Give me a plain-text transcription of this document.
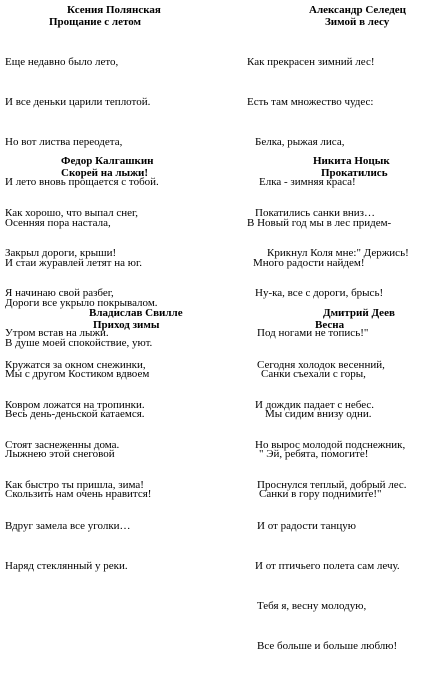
Ксения Полянская
Прощание с летом

Еще недавно было лето,

И все деньки царили теплотой.

Но вот листва переодета,

И лето вновь прощается с тобой.

Осенняя пора настала,

И стаи журавлей летят на юг.

Дороги все укрыло покрывалом.

В душе моей спокойствие, уют.

Александр Селедец
Зимой в лесу

Как прекрасен зимний лес!

Есть там множество чудес:

Белка, рыжая лиса,

Елка - зимняя краса!

В Новый год мы в лес придем-

Много радости найдем!

Федор Калгашкин
Скорей на лыжи!

Как хорошо, что выпал снег,

Закрыл дороги, крыши!

Я начинаю свой разбег,

Утром встав на лыжи.

Мы с другом Костиком вдвоем

Весь день-деньской катаемся.

Лыжнею этой снеговой

Скользить нам очень нравится!

Никита Ноцык
Прокатились

Покатились санки вниз…

Крикнул Коля мне:" Держись!

Ну-ка, все с дороги, брысь!

Под ногами не топись!"

Санки съехали с горы,

Мы сидим внизу одни.

" Эй, ребята, помогите!

Санки в гору поднимите!"

Владислав Свилле
Приход зимы

Кружатся за окном снежинки,

Ковром ложатся на тропинки.

Стоят заснеженны дома.

Как быстро ты пришла, зима!

Вдруг замела все уголки…

Наряд стеклянный у реки.

Дмитрий Деев
Весна

Сегодня холодок весенний,

И дождик падает с небес.

Но вырос молодой подснежник,

Проснулся теплый, добрый лес.

И от радости танцую

И от птичьего полета сам лечу.

Тебя я, весну молодую,

Все больше и больше люблю!
